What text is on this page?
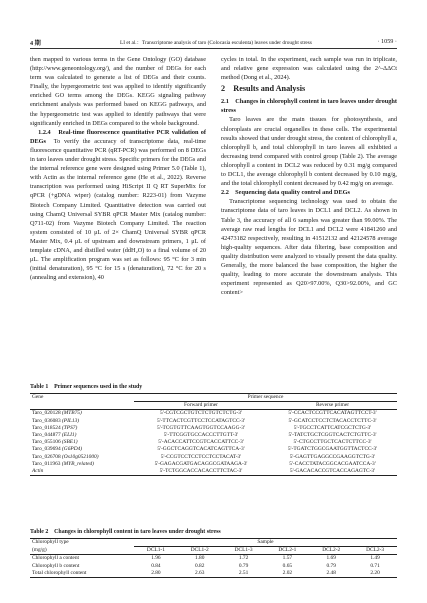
4 期	LI et al.：Transcriptome analysis of taro (Colocasia esculenta) leaves under drought stress	· 1059 ·

then mapped to various terms in the Gene Ontology (GO) database (http://www.geneontology.org/), and the number of DEGs for each term was calculated to generate a list of DEGs and their counts. Finally, the hypergeometric test was applied to identify significantly enriched GO terms among the DEGs. KEGG signaling pathway enrichment analysis was performed based on KEGG pathways, and the hypergeometric test was applied to identify pathways that were significantly enriched in DEGs compared to the whole background.

1.2.4　Real-time fluorescence quantitative PCR validation of DEGs To verify the accuracy of transcriptome data, real-time fluorescence quantitative PCR (qRT-PCR) was performed on 8 DEGs in taro leaves under drought stress. Specific primers for the DEGs and the internal reference gene were designed using Primer 5.0 (Table 1), with Actin as the internal reference gene (He et al., 2022). Reverse transcription was performed using HiScript II Q RT SuperMix for qPCR (+gDNA wiper) (catalog number: R223-01) from Vazyme Biotech Company Limited. Quantitative detection was carried out using ChamQ Universal SYBR qPCR Master Mix (catalog number: Q711-02) from Vazyme Biotech Company Limited. The reaction system consisted of 10 μL of 2× ChamQ Universal SYBR qPCR Master Mix, 0.4 μL of upstream and downstream primers, 1 μL of template cDNA, and distilled water (ddH₂O) to a final volume of 20 μL. The amplification program was set as follows: 95 °C for 3 min (initial denaturation), 95 °C for 15 s (denaturation), 72 °C for 20 s (annealing and extension), 40

cycles in total. In the experiment, each sample was run in triplicate, and relative gene expression was calculated using the 2^-ΔΔCt method (Dong et al., 2024).

2　Results and Analysis
2.1　Changes in chlorophyll content in taro leaves under drought stress

Taro leaves are the main tissues for photosynthesis, and chloroplasts are crucial organelles in these cells. The experimental results showed that under drought stress, the content of chlorophyll a, chlorophyll b, and total chlorophyll in taro leaves all exhibited a decreasing trend compared with control group (Table 2). The average chlorophyll a content in DCL2 was reduced by 0.31 mg/g compared to DCL1, the average chlorophyll b content decreased by 0.10 mg/g, and the total chlorophyll content decreased by 0.42 mg/g on average.

2.2　Sequencing data quality control and DEGs

Transcriptome sequencing technology was used to obtain the transcriptome data of taro leaves in DCL1 and DCL2. As shown in Table 3, the accuracy of all 6 samples was greater than 99.00%. The average raw read lengths for DCL1 and DCL2 were 41841260 and 42473182 respectively, resulting in 41512132 and 42124578 average high-quality sequences. After data filtering, base composition and quality distribution were analyzed to visually present the data quality. Generally, the more balanced the base composition, the higher the quality, leading to more accurate the downstream analysis. This experiment represented as Q20>97.00%, Q30>92.00%, and GC content>

Table 1　Primer sequences used in the study
Gene	Primer sequence	
	Forward primer	Reverse primer
Taro_020128 (MTB75)	5'-CGTCGCTGTCTCTGTCTCTG-3'	5'-CCACTCCGTTCACATAGTTCCT-3'
Taro_036083 (PIL13)	5'-TTCACTCGTTCCTCCATAGTCC-3'	5'-GCATCCTCCTCTACACCTCTTC-3'
Taro_018524 (TPS7)	5'-TCGTGTTCAAGTGGTCCAAGG-3'	5'-TGCCTCATTCATCGCTCTG-3'
Taro_044877 (ELI1)	5'-TTCGGTGCCACCCTTGTT-3'	5'-TATCTGCTCGGTCACTCTGTTC-3'
Taro_055106 (SBE1)	5'-ACACCATTCCGTCACCATTCC-3'	5'-CTGCCTTGCTCACTCTTCC-3'
Taro_039694 (G6PD4)	5'-GGCTCAGGTCACATCAGTTCA-3'	5'-TGATCTGGCGAATGGTTACTCC-3'
Taro_026708 (Os10g0521000)	5'-CCGTCCTCCTCCTCCTACAT-3'	5'-GAGTTGAGGCCGAAGGTCTG-3'
Taro_011963 (MYB_related)	5'-GAGACGATGACAGGCGATAAGA-3'	5'-CACCTATACGGCACGAATCCA-3'
Actin	5'-TCTGGCACCACACCTTCTAC-3'	5'-GACACACCGTCACCAGAGTC-3'
Table 2　Changes in chlorophyll content in taro leaves under drought stress
Chlorophyll type	Sample					
(mg/g)	DCL1-1	DCL1-2	DCL1-3	DCL2-1	DCL2-2	DCL2-3
Chlorophyll a content	1.96	1.80	1.72	1.57	1.69	1.49
Chlorophyll b content	0.84	0.82	0.79	0.65	0.79	0.71
Total chlorophyll content	2.80	2.63	2.51	2.02	2.48	2.20
